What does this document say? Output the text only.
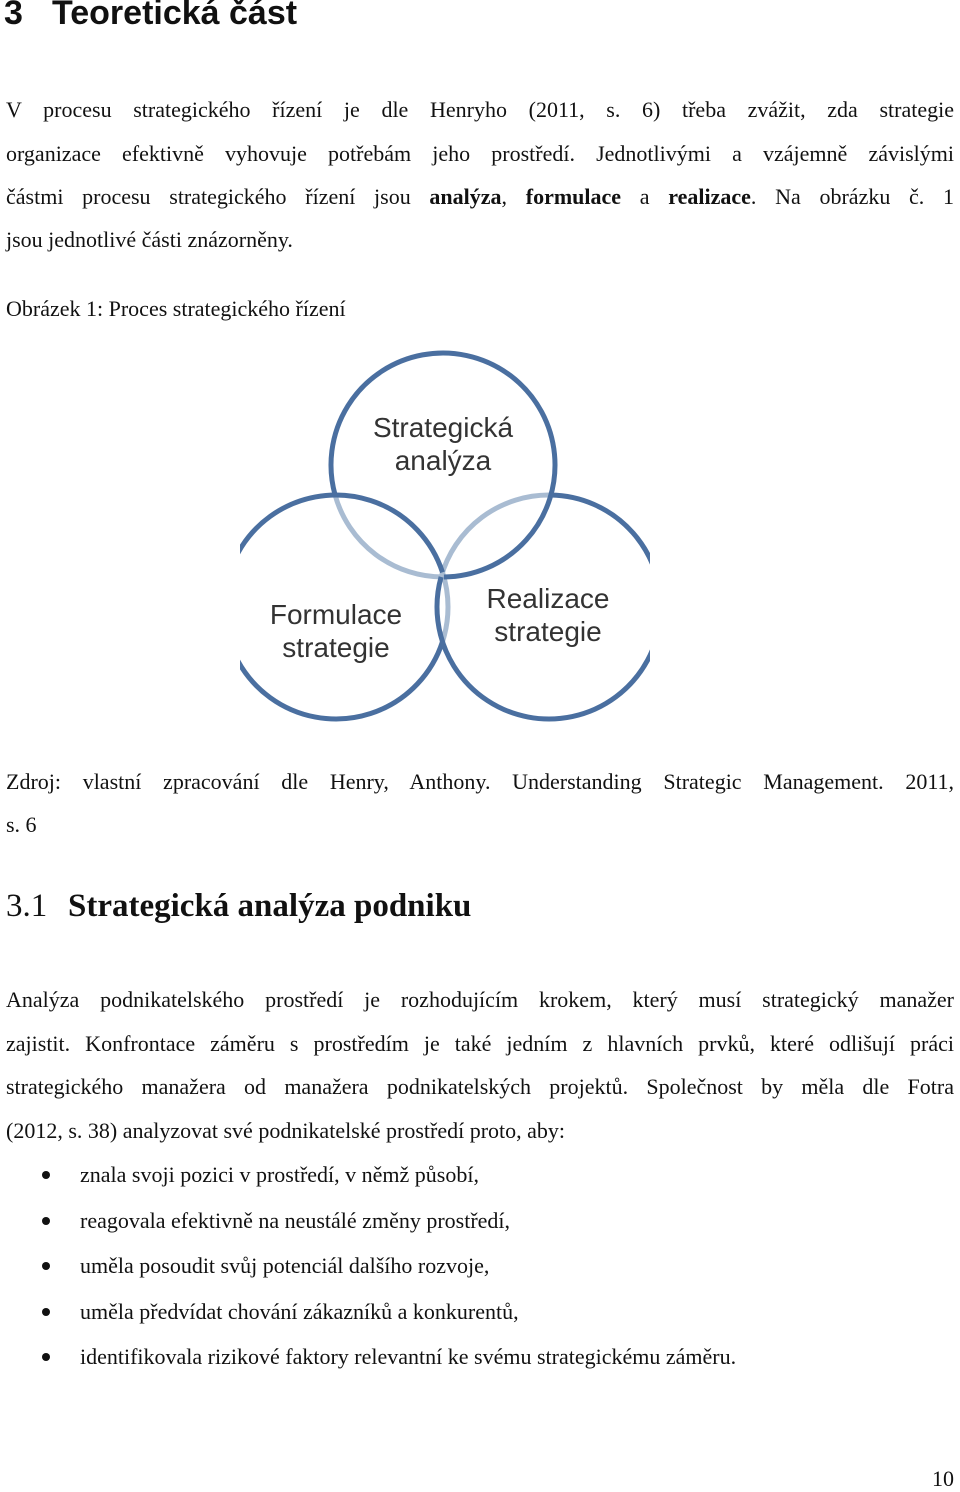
3 Teoretická část
V procesu strategického řízení je dle Henryho (2011, s. 6) třeba zvážit, zda strategie
organizace efektivně vyhovuje potřebám jeho prostředí. Jednotlivými a vzájemně závislými
částmi procesu strategického řízení jsou analýza, formulace a realizace. Na obrázku č. 1
jsou jednotlivé části znázorněny.
Obrázek 1: Proces strategického řízení
Strategická
analýza
Formulace
strategie
Realizace
strategie
Zdroj: vlastní zpracování dle Henry, Anthony. Understanding Strategic Management. 2011,
s. 6
3.1 Strategická analýza podniku
Analýza podnikatelského prostředí je rozhodujícím krokem, který musí strategický manažer
zajistit. Konfrontace záměru s prostředím je také jedním z hlavních prvků, které odlišují práci
strategického manažera od manažera podnikatelských projektů. Společnost by měla dle Fotra
(2012, s. 38) analyzovat své podnikatelské prostředí proto, aby:
znala svoji pozici v prostředí, v němž působí,
reagovala efektivně na neustálé změny prostředí,
uměla posoudit svůj potenciál dalšího rozvoje,
uměla předvídat chování zákazníků a konkurentů,
identifikovala rizikové faktory relevantní ke svému strategickému záměru.
10
